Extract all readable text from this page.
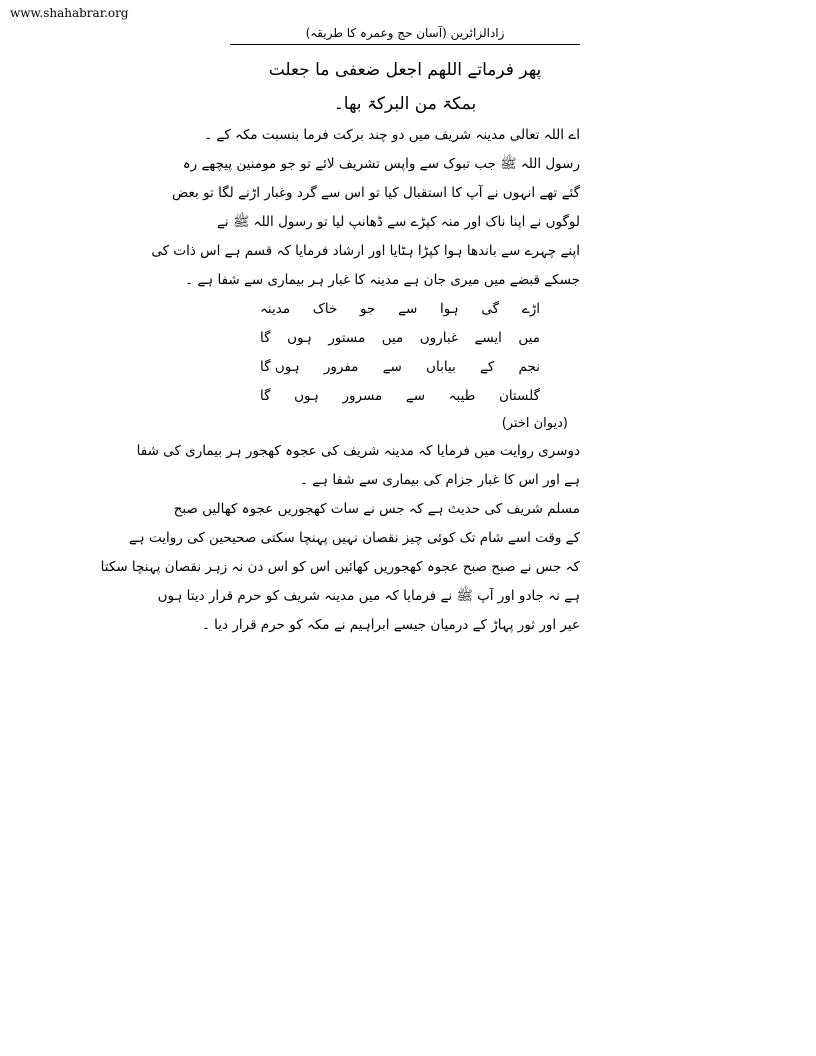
www.shahabrar.org
زادالزائرین (آسان حج وعمرہ کا طریقہ)
پھر فرماتے اللھم اجعل ضعفی ما جعلت
بمکۃ من البرکۃ بھا۔
اے اللہ تعالی مدینہ شریف میں دو چند برکت فرما بنسبت مکہ کے ۔
رسول اللہ ﷺ جب تبوک سے واپس تشریف لائے تو جو مومنین پیچھے رہ
گئے تھے انہوں نے آپ کا استقبال کیا تو اس سے گرد وغبار اڑنے لگا تو بعض
لوگوں نے اپنا ناک اور منہ کپڑے سے ڈھانپ لیا تو رسول اللہ ﷺ نے
اپنے چہرے سے باندھا ہوا کپڑا ہٹایا اور ارشاد فرمایا کہ قسم ہے اس ذات کی
جسکے قبضے میں میری جان ہے مدینہ کا غبار ہر بیماری سے شفا ہے ۔
اڑے
گی
ہوا
سے
جو
خاک
مدینہ
میں
ایسے
غباروں
میں
مستور
ہوں
گا
نجم
کے
بیاباں
سے
مفرور
ہوں گا
گلستان
طیبہ
سے
مسرور
ہوں
گا
(دیوان اختر)
دوسری روایت میں فرمایا کہ مدینہ شریف کی عجوہ کھجور ہر بیماری کی شفا
ہے اور اس کا غبار جزام کی بیماری سے شفا ہے ۔
مسلم شریف کی حدیث ہے کہ جس نے سات کھجوریں عجوہ کھالیں صبح
کے وقت اسے شام تک کوئی چیز نقصان نہیں پہنچا سکتی صحیحین کی روایت ہے
کہ جس نے صبح صبح عجوہ کھجوریں کھائیں اس کو اس دن نہ زہر نقصان پہنچا سکتا
ہے نہ جادو اور آپ ﷺ نے فرمایا کہ میں مدینہ شریف کو حرم قرار دیتا ہوں
عیر اور ثور پہاڑ کے درمیان جیسے ابراہیم نے مکہ کو حرم قرار دیا ۔
